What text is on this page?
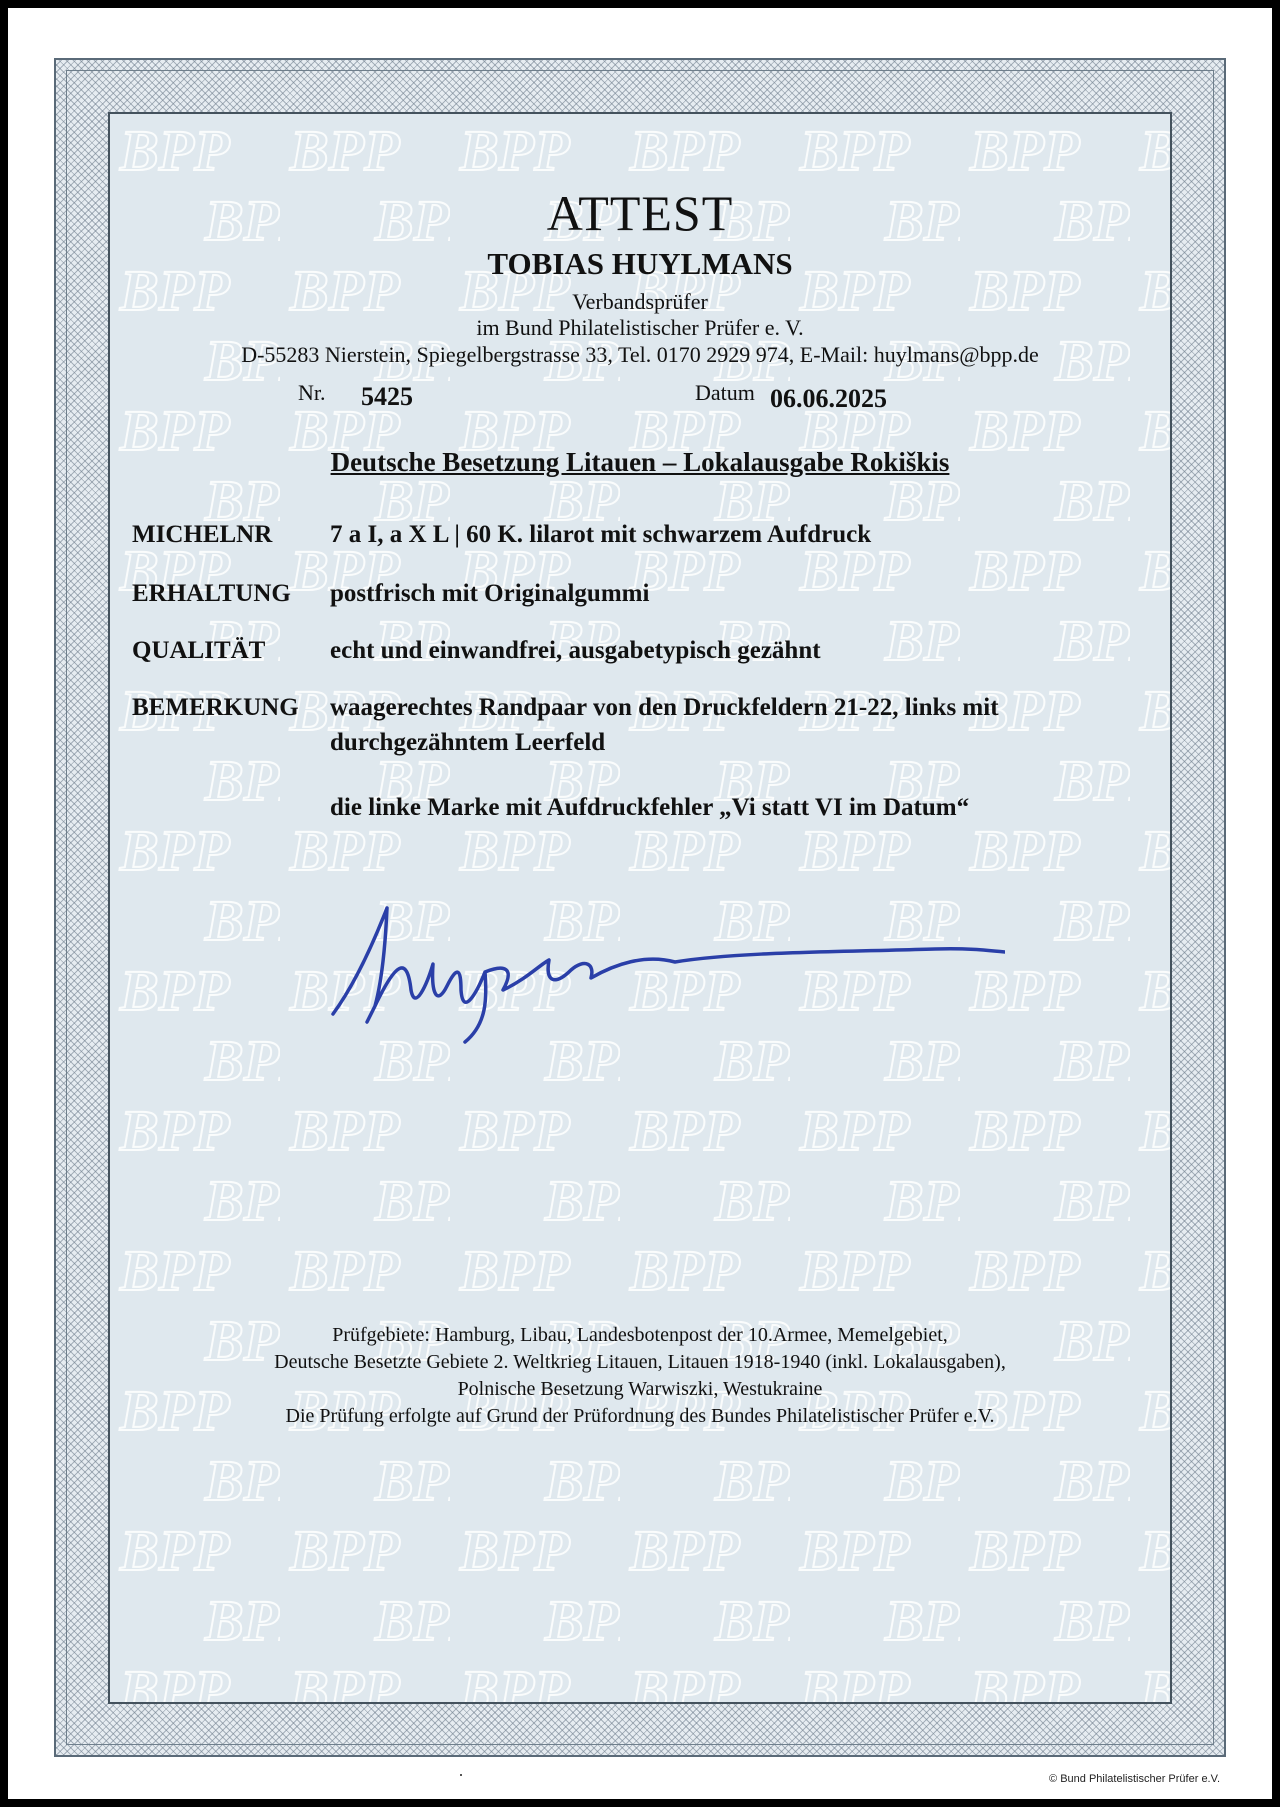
ATTEST
TOBIAS HUYLMANS
Verbandsprüfer
im Bund Philatelistischer Prüfer e. V.
D-55283 Nierstein, Spiegelbergstrasse 33, Tel. 0170 2929 974, E-Mail: huylmans@bpp.de
Nr. 5425	Datum 06.06.2025
Deutsche Besetzung Litauen – Lokalausgabe Rokiškis
MICHELNR 7 a I, a X L | 60 K. lilarot mit schwarzem Aufdruck
ERHALTUNG postfrisch mit Originalgummi
QUALITÄT	echt und einwandfrei, ausgabetypisch gezähnt
BEMERKUNG waagerechtes Randpaar von den Druckfeldern 21-22, links mit durchgezähntem Leerfeld
die linke Marke mit Aufdruckfehler „Vi statt VI im Datum“
Prüfgebiete: Hamburg, Libau, Landesbotenpost der 10.Armee, Memelgebiet,
Deutsche Besetzte Gebiete 2. Weltkrieg Litauen, Litauen 1918-1940 (inkl. Lokalausgaben),
Polnische Besetzung Warwiszki, Westukraine
Die Prüfung erfolgte auf Grund der Prüfordnung des Bundes Philatelistischer Prüfer e.V.
© Bund Philatelistischer Prüfer e.V.
